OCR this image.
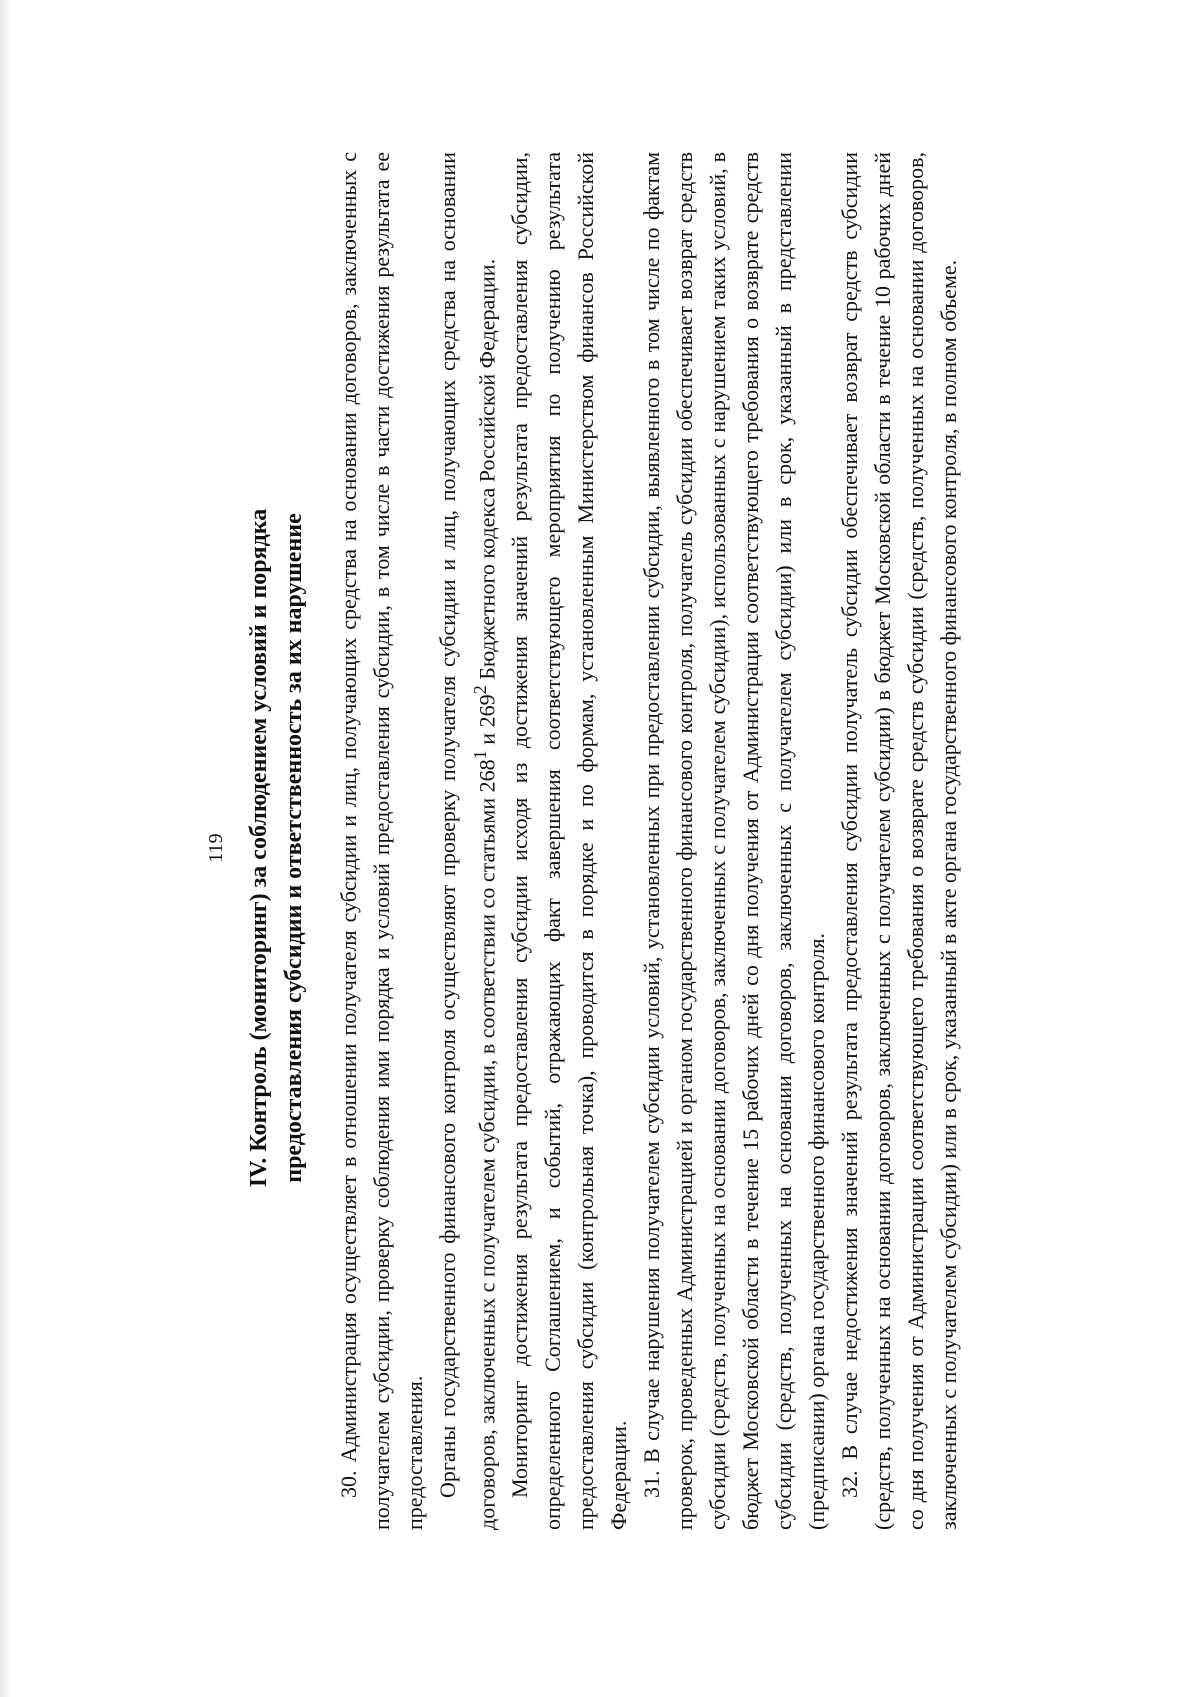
119 IV. Контроль (мониторинг) за соблюдением условий и порядка предоставления субсидии и ответственность за их нарушение 30. Администрация осуществляет в отношении получателя субсидии и лиц, получающих средства на основании договоров, заключенных с получателем субсидии, проверку соблюдения ими порядка и условий предоставления субсидии, в том числе в части достижения результата ее предоставления. Органы государственного финансового контроля осуществляют проверку получателя субсидии и лиц, получающих средства на основании договоров, заключенных с получателем субсидии, в соответствии со статьями $268^1$ и $269^2$ Бюджетного кодекса Российской Федерации. Мониторинг достижения результата предоставления субсидии исходя из достижения значений результата предоставления субсидии, определенного Соглашением, и событий, отражающих факт завершения соответствующего мероприятия по получению результата предоставления субсидии (контрольная точка), проводится в порядке и по формам, установленным Министерством финансов Российской Федерации. 31. В случае нарушения получателем субсидии условий, установленных при предоставлении субсидии, выявленного в том числе по фактам проверок, проведенных Администрацией и органом государственного финансового контроля, получатель субсидии обеспечивает возврат средств субсидии (средств, полученных на основании договоров, заключенных с получателем субсидии), использованных с нарушением таких условий, в бюджет Московской области в течение 15 рабочих дней со дня получения от Администрации соответствующего требования о возврате средств субсидии (средств, полученных на основании договоров, заключенных с получателем субсидии) или в срок, указанный в представлении (предписании) органа государственного финансового контроля. 32. В случае недостижения значений результата предоставления субсидии получатель субсидии обеспечивает возврат средств субсидии (средств, полученных на основании договоров, заключенных с получателем субсидии) в бюджет Московской области в течение 10 рабочих дней со дня получения от Администрации соответствующего требования о возврате средств субсидии (средств, полученных на основании договоров, заключенных с получателем субсидии) или в срок, указанный в акте органа государственного финансового контроля, в полном объеме.
